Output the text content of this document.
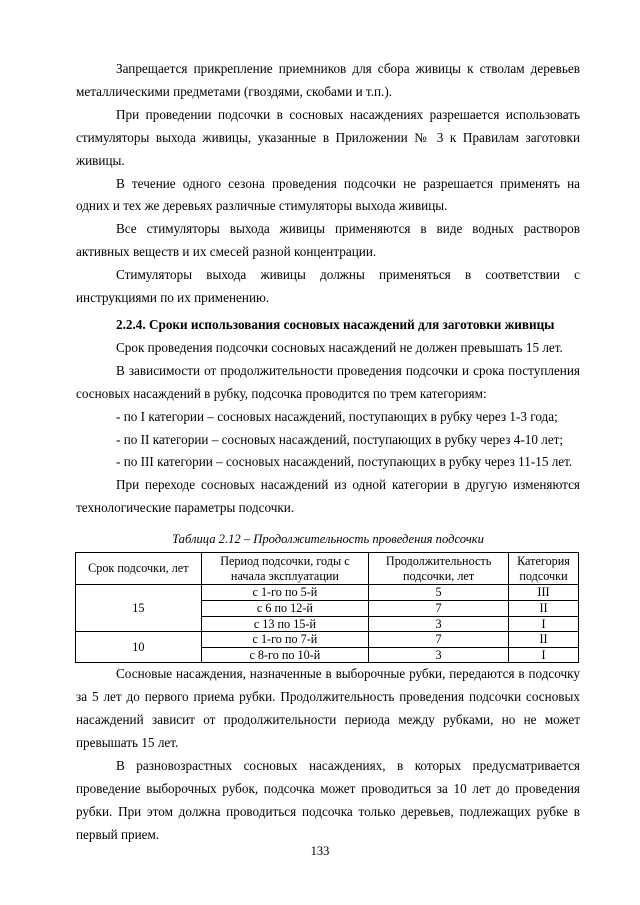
Запрещается прикрепление приемников для сбора живицы к стволам деревьев металлическими предметами (гвоздями, скобами и т.п.).

При проведении подсочки в сосновых насаждениях разрешается использовать стимуляторы выхода живицы, указанные в Приложении № 3 к Правилам заготовки живицы.

В течение одного сезона проведения подсочки не разрешается применять на одних и тех же деревьях различные стимуляторы выхода живицы.

Все стимуляторы выхода живицы применяются в виде водных растворов активных веществ и их смесей разной концентрации.

Стимуляторы выхода живицы должны применяться в соответствии с инструкциями по их применению.

2.2.4. Сроки использования сосновых насаждений для заготовки живицы

Срок проведения подсочки сосновых насаждений не должен превышать 15 лет.

В зависимости от продолжительности проведения подсочки и срока поступления сосновых насаждений в рубку, подсочка проводится по трем категориям:

- по I категории – сосновых насаждений, поступающих в рубку через 1-3 года;

- по II категории – сосновых насаждений, поступающих в рубку через 4-10 лет;

- по III категории – сосновых насаждений, поступающих в рубку через 11-15 лет.

При переходе сосновых насаждений из одной категории в другую изменяются технологические параметры подсочки.

Таблица 2.12 – Продолжительность проведения подсочки
Срок подсочки, лет	Период подсочки, годы с начала эксплуатации	Продолжительность подсочки, лет	Категория подсочки
15	с 1-го по 5-й	5	III
	с 6 по 12-й	7	II
	с 13 по 15-й	3	I
10	с 1-го по 7-й	7	II
	с 8-го по 10-й	3	I

Сосновые насаждения, назначенные в выборочные рубки, передаются в подсочку за 5 лет до первого приема рубки. Продолжительность проведения подсочки сосновых насаждений зависит от продолжительности периода между рубками, но не может превышать 15 лет.

В разновозрастных сосновых насаждениях, в которых предусматривается проведение выборочных рубок, подсочка может проводиться за 10 лет до проведения рубки. При этом должна проводиться подсочка только деревьев, подлежащих рубке в первый прием.

133
